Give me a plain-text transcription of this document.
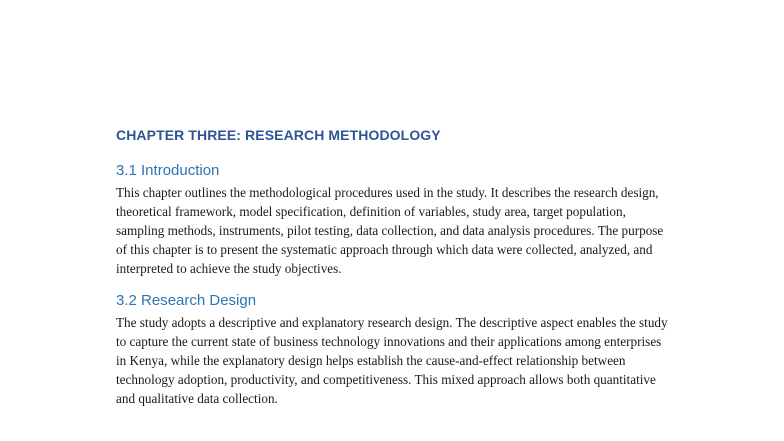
CHAPTER THREE: RESEARCH METHODOLOGY
3.1 Introduction

This chapter outlines the methodological procedures used in the study. It describes the research design, theoretical framework, model specification, definition of variables, study area, target population, sampling methods, instruments, pilot testing, data collection, and data analysis procedures. The purpose of this chapter is to present the systematic approach through which data were collected, analyzed, and interpreted to achieve the study objectives.

3.2 Research Design

The study adopts a descriptive and explanatory research design. The descriptive aspect enables the study to capture the current state of business technology innovations and their applications among enterprises in Kenya, while the explanatory design helps establish the cause-and-effect relationship between technology adoption, productivity, and competitiveness. This mixed approach allows both quantitative and qualitative data collection.
